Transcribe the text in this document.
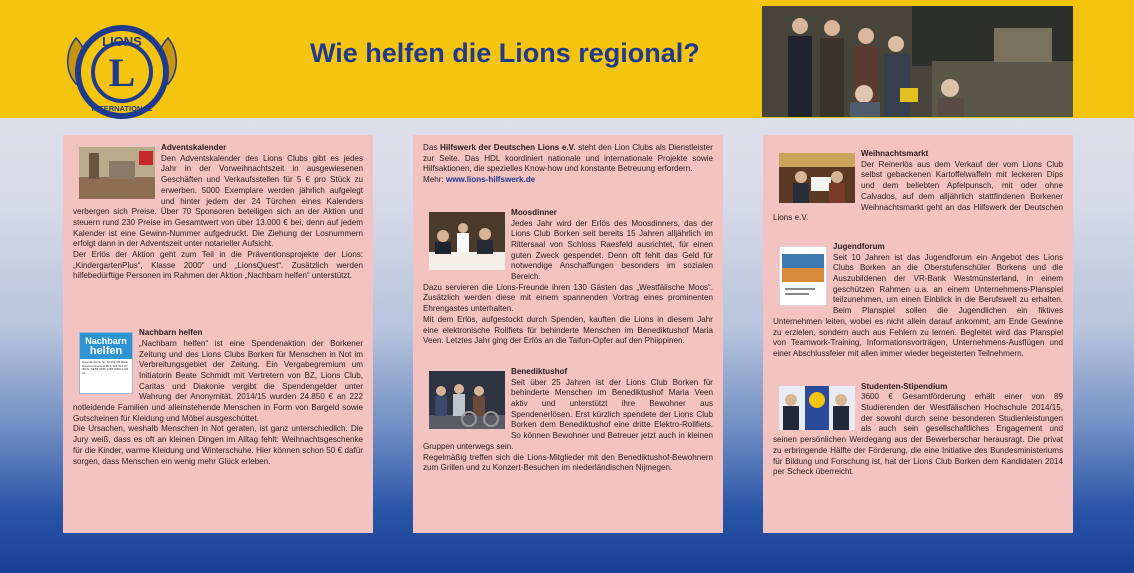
LIONS
L
INTERNATIONAL
Wie helfen die Lions regional?

Adventskalender

Den Adventskalender des Lions Clubs gibt es jedes Jahr in der Vorweihnachtszeit in ausgewiesenen Geschäften und Verkaufsstellen für 5 € pro Stück zu erwerben. 5000 Exemplare werden jährlich aufgelegt und hinter jedem der 24 Türchen eines Kalenders verbergen sich Preise. Über 70 Sponsoren beteiligen sich an der Aktion und steuern rund 230 Preise im Gesamtwert von über 13.000 € bei, denn auf jedem Kalender ist eine Gewinn-Nummer aufgedruckt. Die Ziehung der Losnummern erfolgt dann in der Adventszeit unter notarieller Aufsicht.

Der Erlös der Aktion geht zum Teil in die Präventionsprojekte der Lions: „KindergartenPlus“, Klasse 2000“ und „LionsQuest“. Zusätzlich werden hilfebedürftige Personen im Rahmen der Aktion „Nachbarn helfen“ unterstützt.

Nachbarn
helfen
Spendenkonto Nr. 12341 VR-Bank Westmünsterland BLZ 428 613 87 IBAN: DE59 4286 1387 0000 0123 41

Nachbarn helfen

„Nachbarn helfen“ ist eine Spendenaktion der Borkener Zeitung und des Lions Clubs Borken für Menschen in Not im Verbreitungsgebiet der Zeitung. Ein Vergabegremium um Initiatorin Beate Schmidt mit Vertretern von BZ, Lions Club, Caritas und Diakonie vergibt die Spendengelder unter Wahrung der Anonymität. 2014/15 wurden 24.850 € an 222 notleidende Familien und alleinstehende Menschen in Form von Bargeld sowie Gutscheinen für Kleidung und Möbel ausgeschüttet.

Die Ursachen, weshalb Menschen in Not geraten, ist ganz unterschiedlich. Die Jury weiß, dass es oft an kleinen Dingen im Alltag fehlt: Weihnachtsgeschenke für die Kinder, warme Kleidung und Winterschuhe. Hier können schon 50 € dafür sorgen, dass Menschen ein wenig mehr Glück erleben.

Das Hilfswerk der Deutschen Lions e.V. steht den Lion Clubs als Dienstleister zur Seite. Das HDL koordiniert nationale und internationale Projekte sowie Hilfsaktionen, die spezielles Know-how und konstante Betreuung erfordern.

Mehr: www.lions-hilfswerk.de

Moosdinner

Jedes Jahr wird der Erlös des Moosdinners, das der Lions Club Borken seit bereits 15 Jahren alljährlich im Rittersaal von Schloss Raesfeld ausrichtet, für einen guten Zweck gespendet. Denn oft fehlt das Geld für notwendige Anschaffungen besonders im sozialen Bereich.

Dazu servieren die Lions-Freunde ihren 130 Gästen das „Westfälische Moos“. Zusätzlich werden diese mit einem spannenden Vortrag eines prominenten Ehrengastes unterhalten.

Mit dem Erlös, aufgestockt durch Spenden, kauften die Lions in diesem Jahr eine elektronische Rollfiets für behinderte Menschen im Benediktushof Maria Veen. Letztes Jahr ging der Erlös an die Taifun-Opfer auf den Phiippinen.

Benediktushof

Seit über 25 Jahren ist der Lions Club Borken für behinderte Menschen im Benediktushof Maria Veen aktiv und unterstützt ihre Bewohner aus Spendenerlösen. Erst kürzlich spendete der Lions Club Borken dem Benediktushof eine dritte Elektro-Rollfiets. So können Bewohner und Betreuer jetzt auch in kleinen Gruppen unterwegs sein.

Regelmäßig treffen sich die Lions-Mitglieder mit den Benediktushof-Bewohnern zum Grillen und zu Konzert-Besuchen im niederländischen Nijmegen.

Weihnachtsmarkt

Der Reinerlös aus dem Verkauf der vom Lions Club selbst gebackenen Kartoffelwaffeln mit leckeren Dips und dem beliebten Apfelpunsch, mit oder ohne Calvados, auf dem alljährlich stattfindenen Borkener Weihnachtsmarkt geht an das Hilfswerk der Deutschen Lions e.V.

Jugendforum

Seit 10 Jahren ist das Jugendforum ein Angebot des Lions Clubs Borken an die Oberstufenschüler Borkens und die Auszubildenen der VR-Bank Westmünsterland, in einem geschützen Rahmen u.a. an einem Unternehmens-Planspiel teilzunehmen, um einen Einblick in die Berufswelt zu erhalten. Beim Planspiel sollen die Jugendlichen ein fiktives Unternehmen leiten, wobei es nicht allein darauf ankommt, am Ende Gewinne zu erzielen, sondern auch aus Fehlern zu lernen. Begleitet wird das Planspiel von Teamwork-Training, Informationsvorträgen, Unternehmens-Ausflügen und einer Abschlussfeier mit allen immer wieder begeisterten Teilnehmern.

Studenten-Stipendium

3600 € Gesamtförderung erhält einer von 89 Studierenden der Westfälischen Hochschule 2014/15, der sowohl durch seine besonderen Studienleistungen als auch sein gesellschaftliches Engagement und seinen persönlichen Werdegang aus der Bewerberschar herausragt. Die privat zu erbringende Hälfte der Förderung, die eine Initiative des Bundesministeriums für Bildung und Forschung ist, hat der Lions Club Borken dem Kandidaten 2014 per Scheck überreicht.
